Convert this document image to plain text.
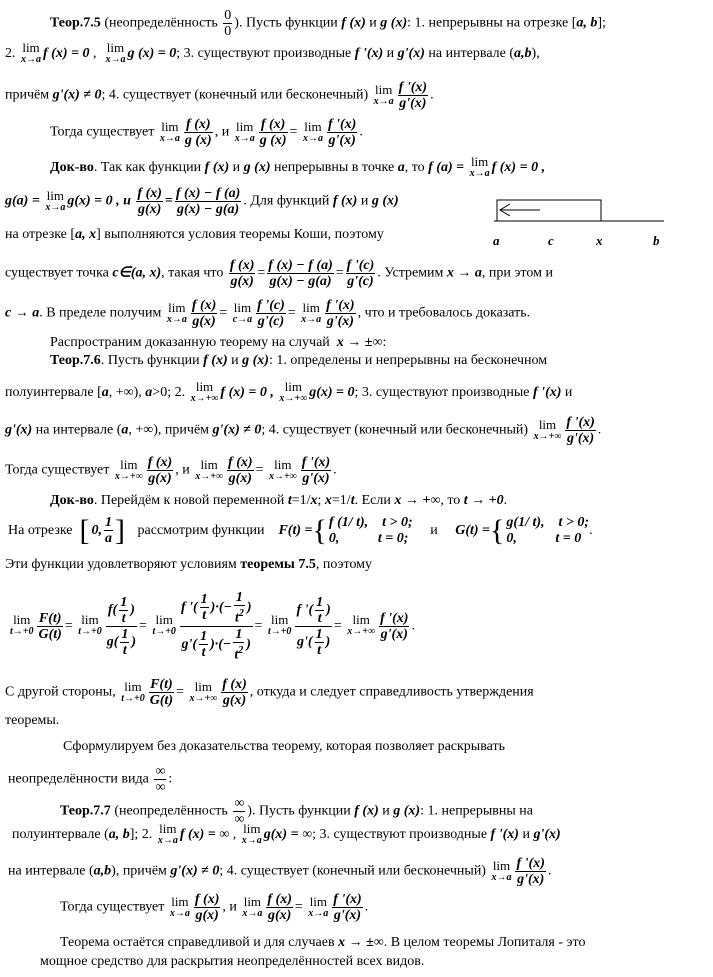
Теор.7.5 (неопределённость $\frac{0}{0}$ ). Пусть функции f (x) и g (x): 1. непрерывны на отрезке [a, b];
2. lim
x→a f (x) = 0 , lim
x→a g (x) = 0; 3. существуют производные f '(x) и g'(x) на интервале (a,b),
причём g'(x) ≠ 0; 4. существует (конечный или бесконечный) lim
$x\to a \frac{f '(x)}{g'(x)}$ .
Тогда существует lim
$x\to a \frac{f (x)}{g (x)}$ , и lim
$x\to a \frac{f (x)}{g (x)} = \lim$
$x\to a \frac{f '(x)}{g'(x)}$ .
Док-во. Так как функции f (x) и g (x) непрерывны в точке a, то f (a) = lim
x→a f (x) = 0 ,
g(a) = lim
x→a g(x) = 0 , и $\frac{f (x)}{g(x)} = \frac{f (x) - f (a)}{g(x) - g(a)}$ . Для функций f (x) и g (x)
на отрезке [a, x] выполняются условия теоремы Коши, поэтому	a	c	x	b
существует точка c∈(a, x), такая что $\frac{f (x)}{g(x)} = \frac{f (x) - f (a)}{g(x) - g(a)} = \frac{f '(c)}{g'(c)}$ . Устремим x → a, при этом и
c → a. В пределе получим lim
$x\to a \frac{f (x)}{g(x)} = \lim$
$c\to a \frac{f '(c)}{g'(c)} = \lim$
$x\to a \frac{f '(x)}{g'(x)}$ , что и требовалось доказать.
Распространим доказанную теорему на случай x → ±∞:
Теор.7.6. Пусть функции f (x) и g (x): 1. определены и непрерывны на бесконечном
полуинтервале [a, +∞), a>0; 2. lim
x→+∞ f (x) = 0 , lim
x→+∞ g(x) = 0; 3. существуют производные f '(x) и
g'(x) на интервале (a, +∞), причём g'(x) ≠ 0; 4. существует (конечный или бесконечный) lim
$x\to+\infty \frac{f '(x)}{g'(x)}$ .
Тогда существует lim
$x\to+\infty \frac{f (x)}{g(x)}$ , и lim
$x\to+\infty \frac{f (x)}{g(x)} = \lim$
$x\to+\infty \frac{f '(x)}{g'(x)}$ .
Док-во. Перейдём к новой переменной t=1/x; x=1/t. Если x → +∞, то t → +0.
На отрезке [ 0, $\frac{1}{a}$ ] рассмотрим функции F(t) ={ f (1/ t), t > 0;
0,	t = 0;
и G(t) ={ g(1/ t), t > 0;
0,	t = 0
.
Эти функции удовлетворяют условиям теоремы 7.5, поэтому
lim
$t\to+0 \frac{F(t)}{G(t)} = \lim$
$t\to+0 \frac{f( \frac{1}{t} )}{g( \frac{1}{t} )} = \lim$
$t\to+0 \frac{f '( \frac{1}{t} )\cdot(- \frac{1}{t^2} )}{g'( \frac{1}{t} )\cdot(- \frac{1}{t^2} )} = \lim$
$t\to+0 \frac{f '( \frac{1}{t} )}{g'( \frac{1}{t} )} = \lim$
$x\to+\infty \frac{f '(x)}{g'(x)}$ .
С другой стороны, lim
$t\to+0 \frac{F(t)}{G(t)} = \lim$
$x\to+\infty \frac{f (x)}{g(x)}$ , откуда и следует справедливость утверждения
теоремы.
Сформулируем без доказательства теорему, которая позволяет раскрывать
неопределённости вида
∞
∞
:
Теор.7.7 (неопределённость
∞
∞
). Пусть функции f (x) и g (x): 1. непрерывны на
полуинтервале (a, b]; 2. lim
x→a f (x) = ∞ , lim
x→a g(x) = ∞; 3. существуют производные f '(x) и g'(x)
на интервале (a,b), причём g'(x) ≠ 0; 4. существует (конечный или бесконечный) lim
$x\to a \frac{f '(x)}{g'(x)}$ .
Тогда существует lim
$x\to a \frac{f (x)}{g(x)}$ , и lim
$x\to a \frac{f (x)}{g(x)} = \lim$
$x\to a \frac{f '(x)}{g'(x)}$ .
Теорема остаётся справедливой и для случаев x → ±∞. В целом теоремы Лопиталя - это
мощное средство для раскрытия неопределённостей всех видов.
